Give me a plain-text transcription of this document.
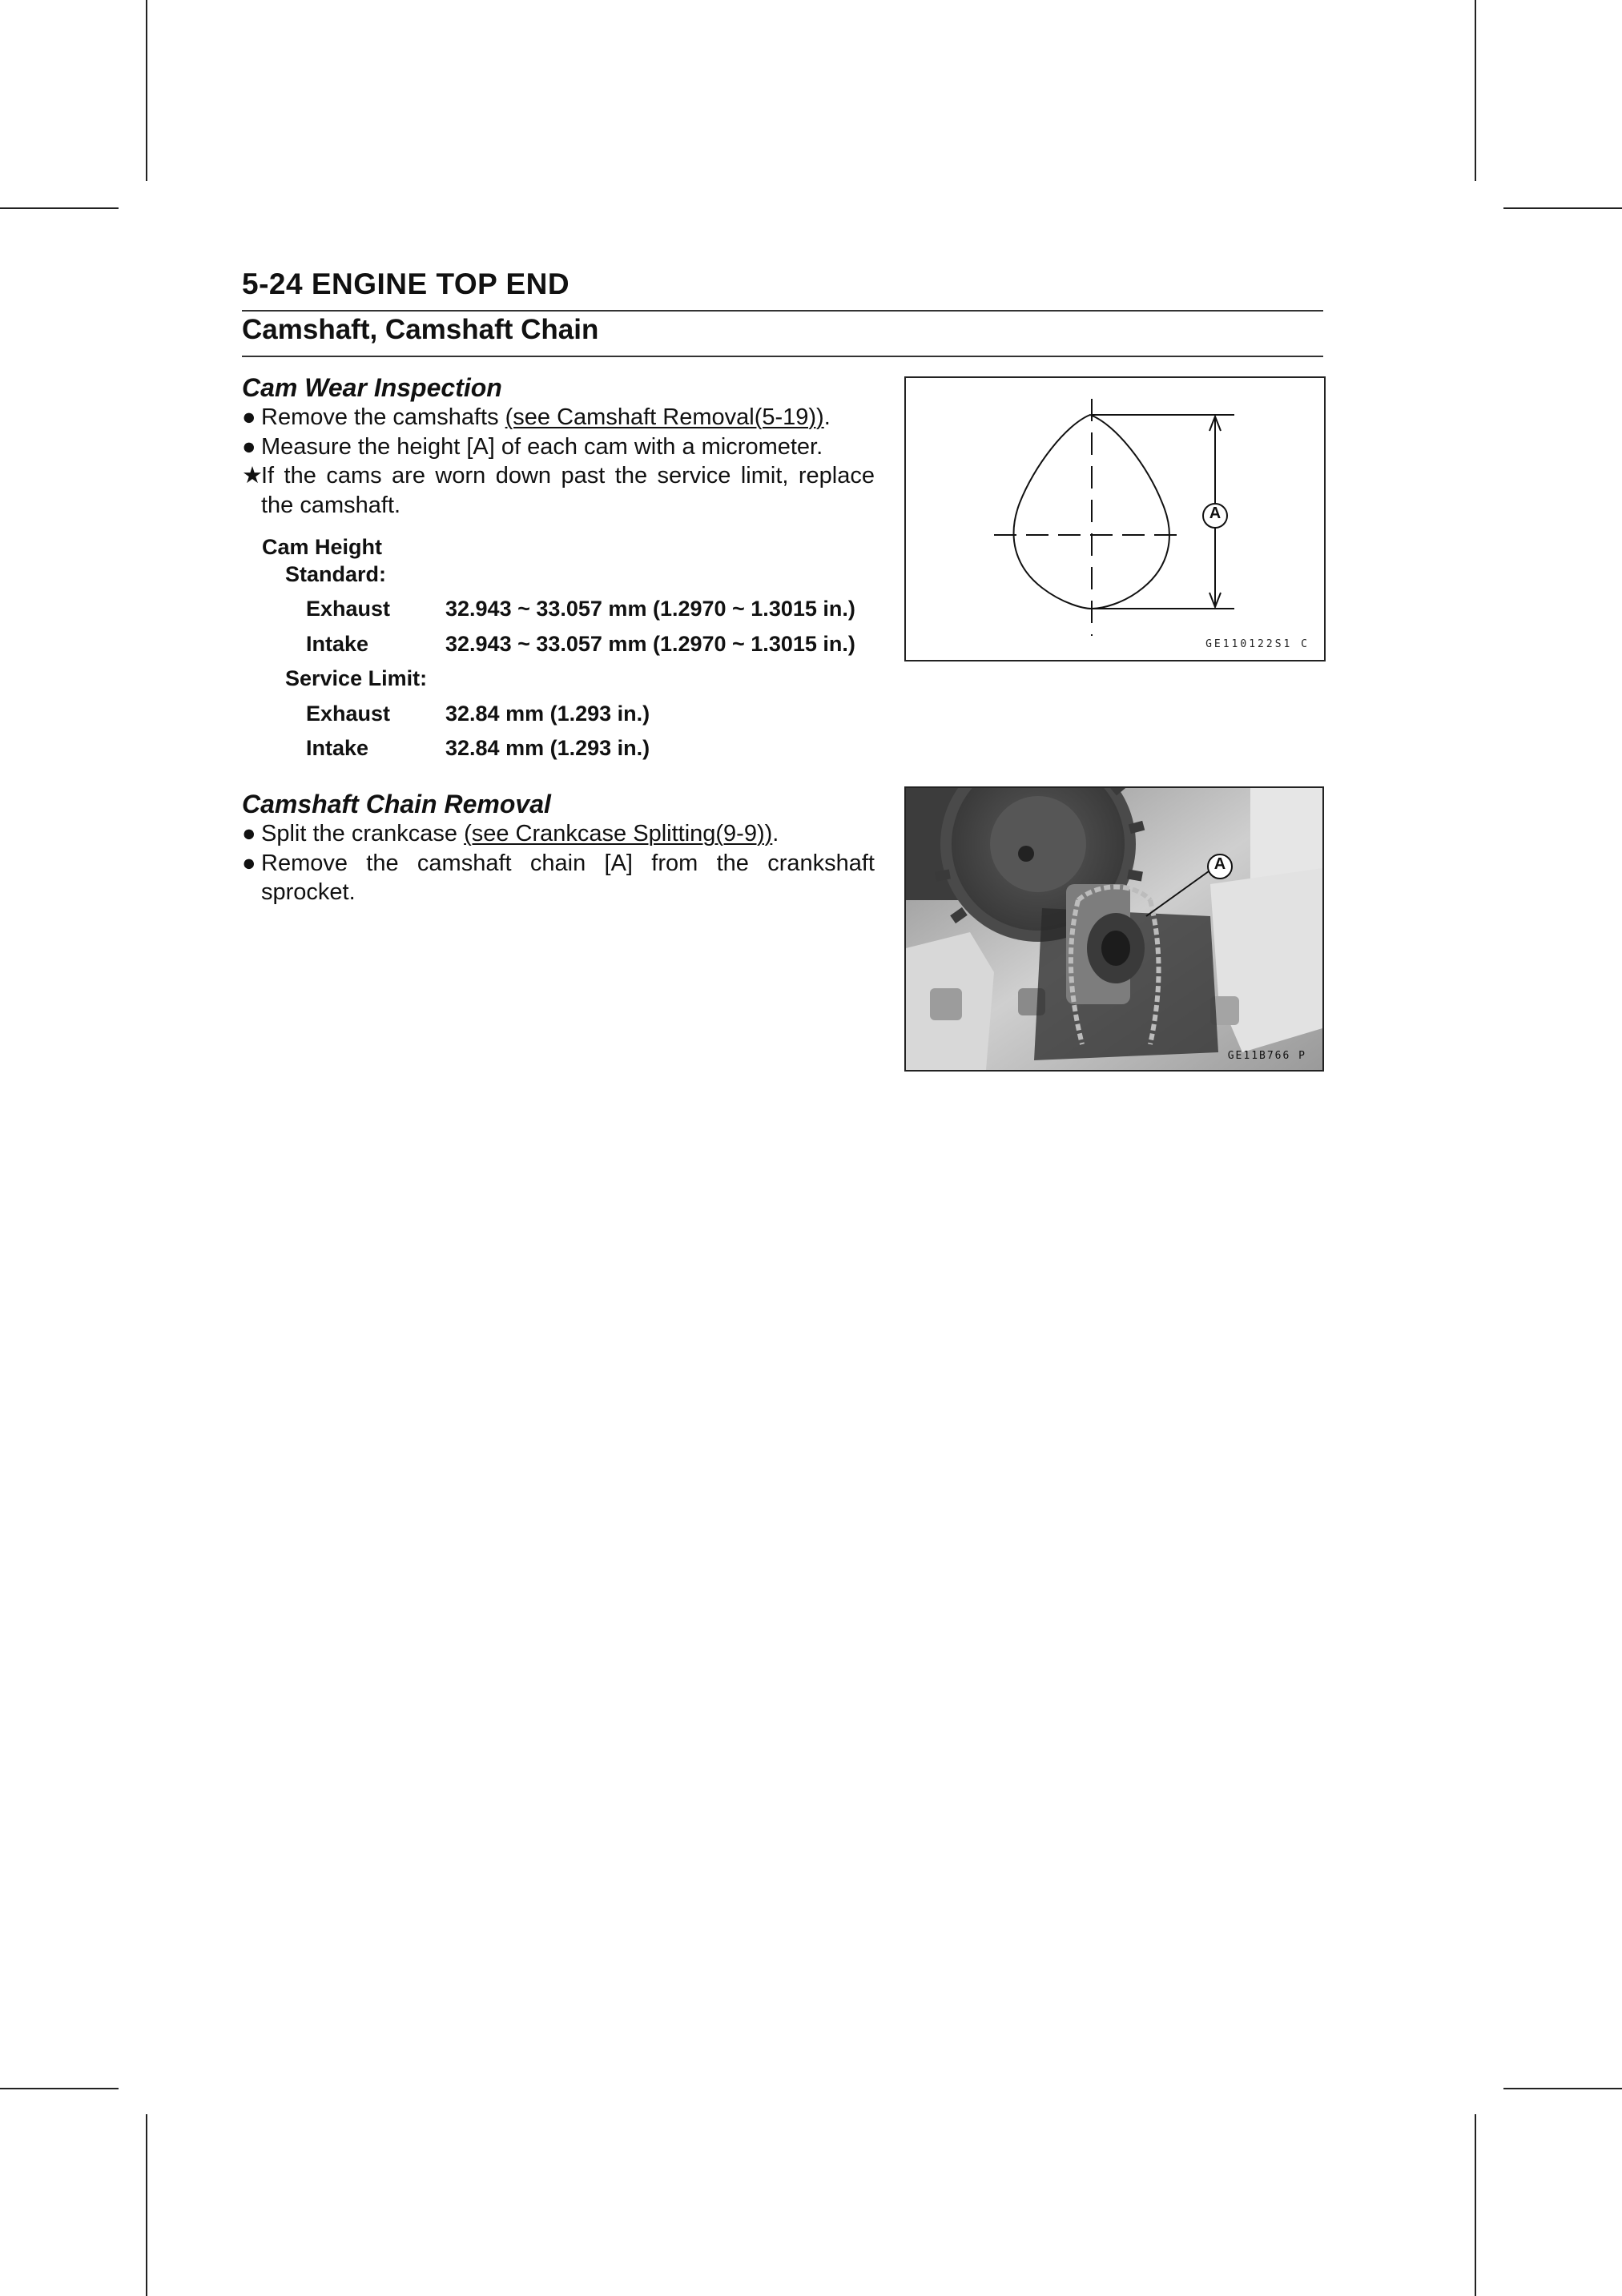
5-24 ENGINE TOP END
Camshaft, Camshaft Chain
Cam Wear Inspection
● Remove the camshafts (see Camshaft Removal(5-19)).
● Measure the height [A] of each cam with a micrometer.
★
If the cams are worn down past the service limit, replace the camshaft.
Cam Height
Standard:
Exhaust	32.943 ~ 33.057 mm (1.2970 ~ 1.3015 in.)
Intake	32.943 ~ 33.057 mm (1.2970 ~ 1.3015 in.)
Service Limit:
Exhaust	32.84 mm (1.293 in.)
Intake	32.84 mm (1.293 in.)
A
GE110122S1 C
Camshaft Chain Removal
● Split the crankcase (see Crankcase Splitting(9-9)).
● Remove the camshaft chain [A] from the crankshaft sprocket.
A
GE11B766 P
